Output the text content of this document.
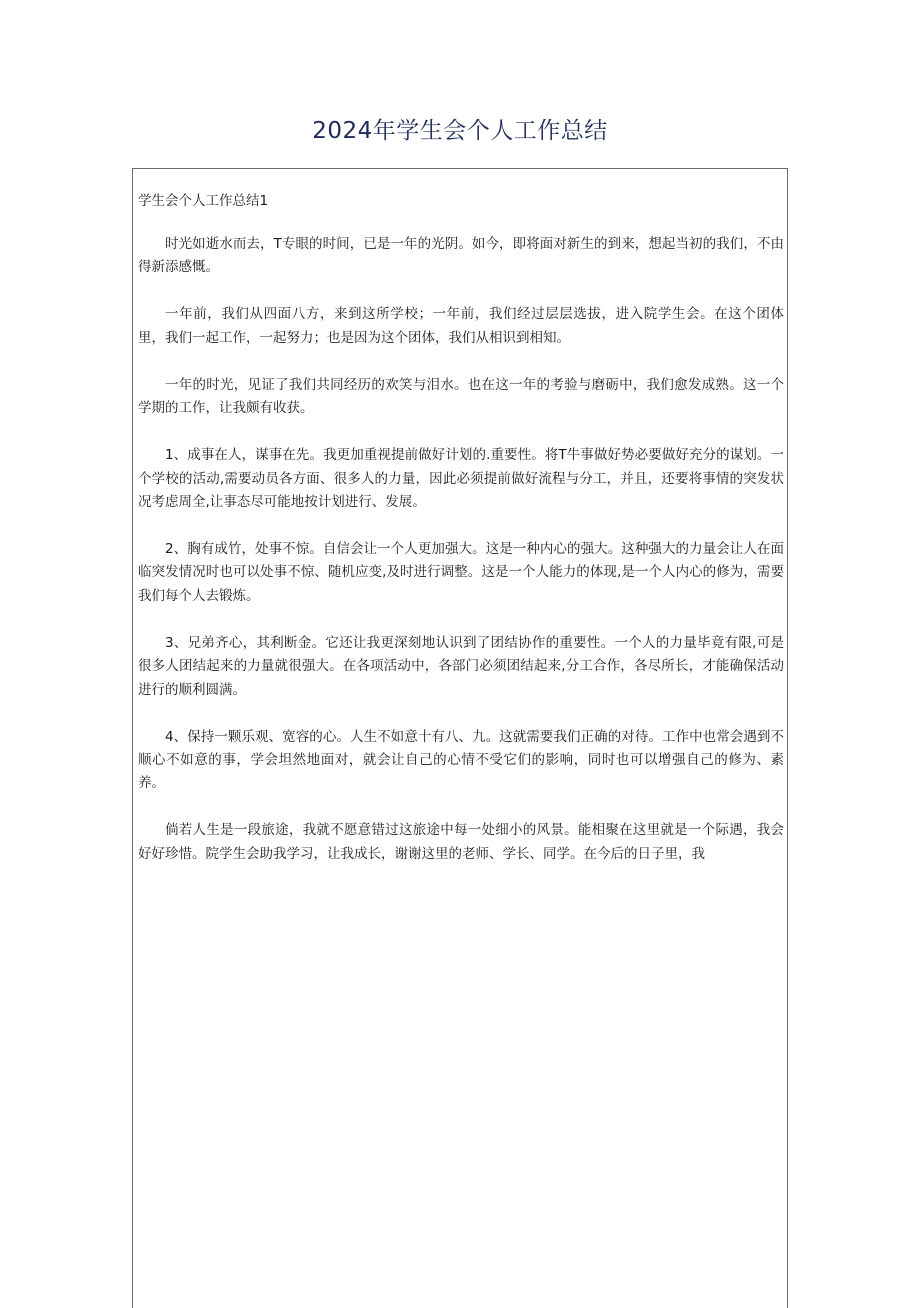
2024年学生会个人工作总结
学生会个人工作总结1

时光如逝水而去，T专眼的时间，已是一年的光阴。如今，即将面对新生的到来，想起当初的我们，不由得新添感慨。

一年前，我们从四面八方，来到这所学校；一年前，我们经过层层选拔，进入院学生会。在这个团体里，我们一起工作，一起努力；也是因为这个团体，我们从相识到相知。

一年的时光，见证了我们共同经历的欢笑与泪水。也在这一年的考验与磨砺中，我们愈发成熟。这一个学期的工作，让我颇有收获。

1、成事在人，谋事在先。我更加重视提前做好计划的.重要性。将T牛事做好势必要做好充分的谋划。一个学校的活动,需要动员各方面、很多人的力量，因此必须提前做好流程与分工，并且，还要将事情的突发状况考虑周全,让事态尽可能地按计划进行、发展。

2、胸有成竹，处事不惊。自信会让一个人更加强大。这是一种内心的强大。这种强大的力量会让人在面临突发情况时也可以处事不惊、随机应变,及时进行调整。这是一个人能力的体现,是一个人内心的修为，需要我们每个人去锻炼。

3、兄弟齐心，其利断金。它还让我更深刻地认识到了团结协作的重要性。一个人的力量毕竟有限,可是很多人团结起来的力量就很强大。在各项活动中，各部门必须团结起来,分工合作，各尽所长，才能确保活动进行的顺利圆满。

4、保持一颗乐观、宽容的心。人生不如意十有八、九。这就需要我们正确的对待。工作中也常会遇到不顺心不如意的事，学会坦然地面对，就会让自己的心情不受它们的影响，同时也可以增强自己的修为、素养。

倘若人生是一段旅途，我就不愿意错过这旅途中每一处细小的风景。能相聚在这里就是一个际遇，我会好好珍惜。院学生会助我学习，让我成长，谢谢这里的老师、学长、同学。在今后的日子里，我
